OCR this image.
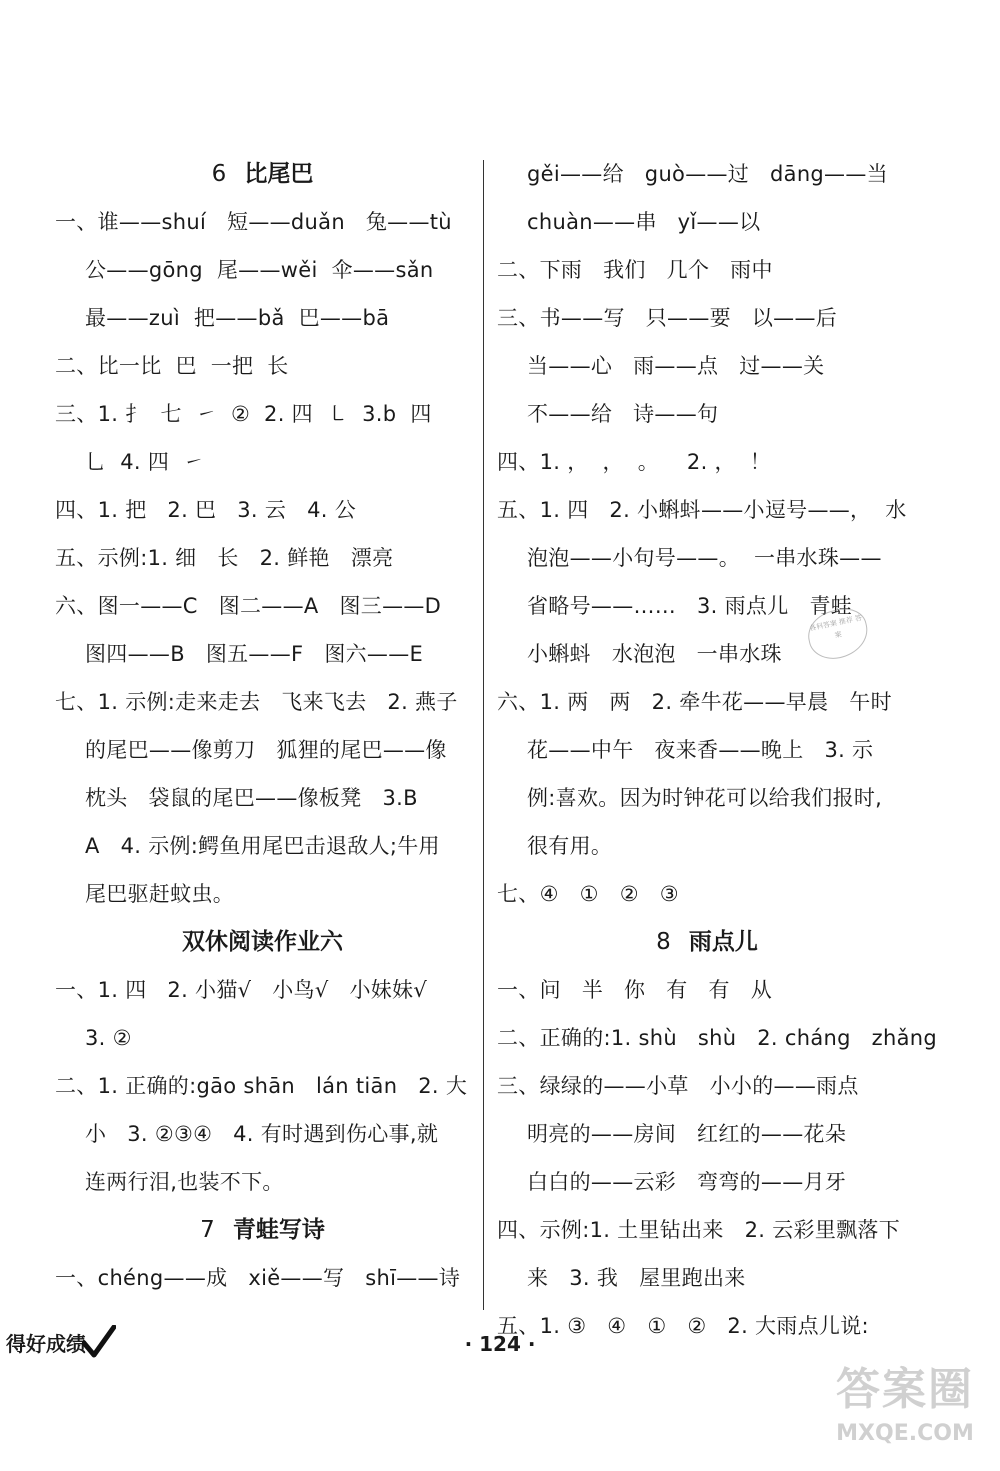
6 比尾巴
一、谁——shuí   短——duǎn   兔——tù
公——gōng  尾——wěi  伞——sǎn
最——zuì  把——bǎ  巴——bā
二、比一比  巴  一把  长
三、1. 扌  七  ㇀  ②  2. 四  ㇄  3.b  四
乚  4. 四  ㇀
四、1. 把   2. 巴   3. 云   4. 公
五、示例:1. 细   长   2. 鲜艳   漂亮
六、图一——C   图二——A   图三——D
图四——B   图五——F   图六——E
七、1. 示例:走来走去   飞来飞去   2. 燕子
的尾巴——像剪刀   狐狸的尾巴——像
枕头   袋鼠的尾巴——像板凳   3.B
A   4. 示例:鳄鱼用尾巴击退敌人;牛用
尾巴驱赶蚊虫。
双休阅读作业六
一、1. 四   2. 小猫√   小鸟√   小妹妹√
3. ②
二、1. 正确的:gāo shān   lán tiān   2. 大
小   3. ②③④   4. 有时遇到伤心事,就
连两行泪,也装不下。
7 青蛙写诗
一、chéng——成   xiě——写   shī——诗
gěi——给   guò——过   dāng——当
chuàn——串   yǐ——以
二、下雨   我们   几个   雨中
三、书——写   只——要   以——后
当——心   雨——点   过——关
不——给   诗——句
四、1. ，  ，  。    2. ，  ！
五、1. 四   2. 小蝌蚪——小逗号——，  水
泡泡——小句号——。  一串水珠——
省略号——……   3. 雨点儿   青蛙
小蝌蚪   水泡泡   一串水珠
六、1. 两   两   2. 牵牛花——早晨   午时
花——中午   夜来香——晚上   3. 示
例:喜欢。因为时钟花可以给我们报时,
很有用。
七、④   ①   ②   ③
8 雨点儿
一、问   半   你   有   有   从
二、正确的:1. shù   shù   2. cháng   zhǎng
三、绿绿的——小草   小小的——雨点
明亮的——房间   红红的——花朵
白白的——云彩   弯弯的——月牙
四、示例:1. 土里钻出来   2. 云彩里飘落下
来   3. 我   屋里跑出来
五、1. ③   ④   ①   ②   2. 大雨点儿说:
各科答案 推荐 答案
得好成绩	· 124 ·
答案圈
MXQE.COM
